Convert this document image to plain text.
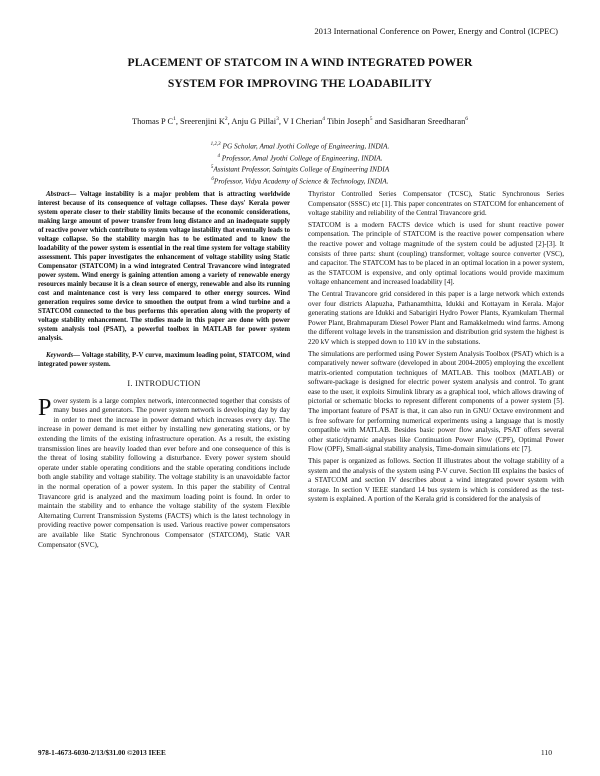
2013 International Conference on Power, Energy and Control (ICPEC)
PLACEMENT OF STATCOM IN A WIND INTEGRATED POWER
SYSTEM FOR IMPROVING THE LOADABILITY
Thomas P $C^1$, Sreerenjini $K^2$, Anju G Pillai$^3$, V I Cherian$^4$ Tibin Joseph$^5$ and Sasidharan Sreedharan$^6$
$^{1,2,3}$ PG Scholar, Amal Jyothi College of Engineering, INDIA.
$^4$ Professor, Amal Jyothi College of Engineering, INDIA.
$^5$Assistant Professor, Saintgits College of Engineering INDIA
$^6$Professor, Vidya Academy of Science & Technology, INDIA.

Abstract— Voltage instability is a major problem that is attracting worldwide interest because of its consequence of voltage collapses. These days' Kerala power system operate closer to their stability limits because of the economic considerations, making large amount of power transfer from long distance and an inadequate supply of reactive power which contribute to system voltage instability that eventually leads to voltage collapse. So the stability margin has to be estimated and to know the loadability of the power system is essential in the real time system for voltage stability assessment. This paper investigates the enhancement of voltage stability using Static Compensator (STATCOM) in a wind integrated Central Travancore wind integrated power system. Wind energy is gaining attention among a variety of renewable energy resources mainly because it is a clean source of energy, renewable and also its running cost and maintenance cost is very less compared to other energy sources. Wind generation requires some device to smoothen the output from a wind turbine and a STATCOM connected to the bus performs this operation along with the property of voltage stability enhancement. The studies made in this paper are done with power system analysis tool (PSAT), a powerful toolbox in MATLAB for power system analysis.

Keywords— Voltage stability, P-V curve, maximum loading point, STATCOM, wind integrated power system.

I. INTRODUCTION

Power system is a large complex network, interconnected together that consists of many buses and generators. The power system network is developing day by day in order to meet the increase in power demand which increases every day. The increase in power demand is met either by installing new generating stations, or by extending the limits of the existing infrastructure operation. As a result, the existing transmission lines are heavily loaded than ever before and one consequence of this is the threat of losing stability following a disturbance. Every power system should operate under stable operating conditions and the stable operating conditions include both angle stability and voltage stability. The voltage stability is an unavoidable factor in the normal operation of a power system. In this paper the stability of Central Travancore grid is analyzed and the maximum loading point is found. In order to maintain the stability and to enhance the voltage stability of the system Flexible Alternating Current Transmission Systems (FACTS) which is the latest technology in providing reactive power compensation is used. Various reactive power compensators are available like Static Synchronous Compensator (STATCOM), Static VAR Compensator (SVC),

Thyristor Controlled Series Compensator (TCSC), Static Synchronous Series Compensator (SSSC) etc [1]. This paper concentrates on STATCOM for enhancement of voltage stability and reliability of the Central Travancore grid.

STATCOM is a modern FACTS device which is used for shunt reactive power compensation. The principle of STATCOM is the reactive power compensation where the reactive power and voltage magnitude of the system could be adjusted [2]-[3]. It consists of three parts: shunt (coupling) transformer, voltage source converter (VSC), and capacitor. The STATCOM has to be placed in an optimal location in a power system, as the STATCOM is expensive, and only optimal locations would provide maximum voltage enhancement and increased loadability [4].

The Central Travancore grid considered in this paper is a large network which extends over four districts Alapuzha, Pathanamthitta, Idukki and Kottayam in Kerala. Major generating stations are Idukki and Sabarigiri Hydro Power Plants, Kyamkulam Thermal Power Plant, Brahmapuram Diesel Power Plant and Ramakkelmedu wind farms. Among the different voltage levels in the transmission and distribution grid system the highest is 220 kV which is stepped down to 110 kV in the substations.

The simulations are performed using Power System Analysis Toolbox (PSAT) which is a comparatively newer software (developed in about 2004-2005) employing the excellent matrix-oriented computation techniques of MATLAB. This toolbox (MATLAB) or software-package is designed for electric power system analysis and control. To grant ease to the user, it exploits Simulink library as a graphical tool, which allows drawing of pictorial or schematic blocks to represent different components of a power system [5]. The important feature of PSAT is that, it can also run in GNU/ Octave environment and is free software for performing numerical experiments using a language that is mostly compatible with MATLAB. Besides basic power flow analysis, PSAT offers several other static/dynamic analyses like Continuation Power Flow (CPF), Optimal Power Flow (OPF), Small-signal stability analysis, Time-domain simulations etc [7].

This paper is organized as follows. Section II illustrates about the voltage stability of a system and the analysis of the system using P-V curve. Section III explains the basics of a STATCOM and section IV describes about a wind integrated power system with storage. In section V IEEE standard 14 bus system is which is considered as the test-system is explained. A portion of the Kerala grid is considered for the analysis of

978-1-4673-6030-2/13/$31.00 ©2013 IEEE	110
